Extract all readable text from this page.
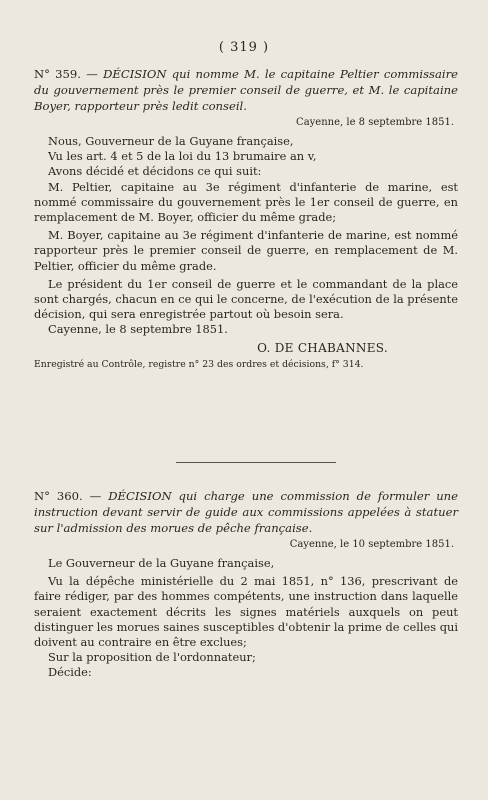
( 319 )

N° 359. — DÉCISION qui nomme M. le capitaine Peltier commissaire du gouvernement près le premier conseil de guerre, et M. le capitaine Boyer, rapporteur près ledit conseil.

Cayenne, le 8 septembre 1851.

Nous, Gouverneur de la Guyane française,

Vu les art. 4 et 5 de la loi du 13 brumaire an v,

Avons décidé et décidons ce qui suit:

M. Peltier, capitaine au 3e régiment d'infanterie de marine, est nommé commissaire du gouvernement près le 1er conseil de guerre, en remplacement de M. Boyer, officier du même grade;

M. Boyer, capitaine au 3e régiment d'infanterie de marine, est nommé rapporteur près le premier conseil de guerre, en remplacement de M. Peltier, officier du même grade.

Le président du 1er conseil de guerre et le commandant de la place sont chargés, chacun en ce qui le concerne, de l'exécution de la présente décision, qui sera enregistrée partout où besoin sera.

Cayenne, le 8 septembre 1851.

O. DE CHABANNES.

Enregistré au Contrôle, registre n° 23 des ordres et décisions, f° 314.

N° 360. — DÉCISION qui charge une commission de formuler une instruction devant servir de guide aux commissions appelées à statuer sur l'admission des morues de pêche française.

Cayenne, le 10 septembre 1851.

Le Gouverneur de la Guyane française,

Vu la dépêche ministérielle du 2 mai 1851, n° 136, prescrivant de faire rédiger, par des hommes compétents, une instruction dans laquelle seraient exactement décrits les signes matériels auxquels on peut distinguer les morues saines susceptibles d'obtenir la prime de celles qui doivent au contraire en être exclues;

Sur la proposition de l'ordonnateur;

Décide:
